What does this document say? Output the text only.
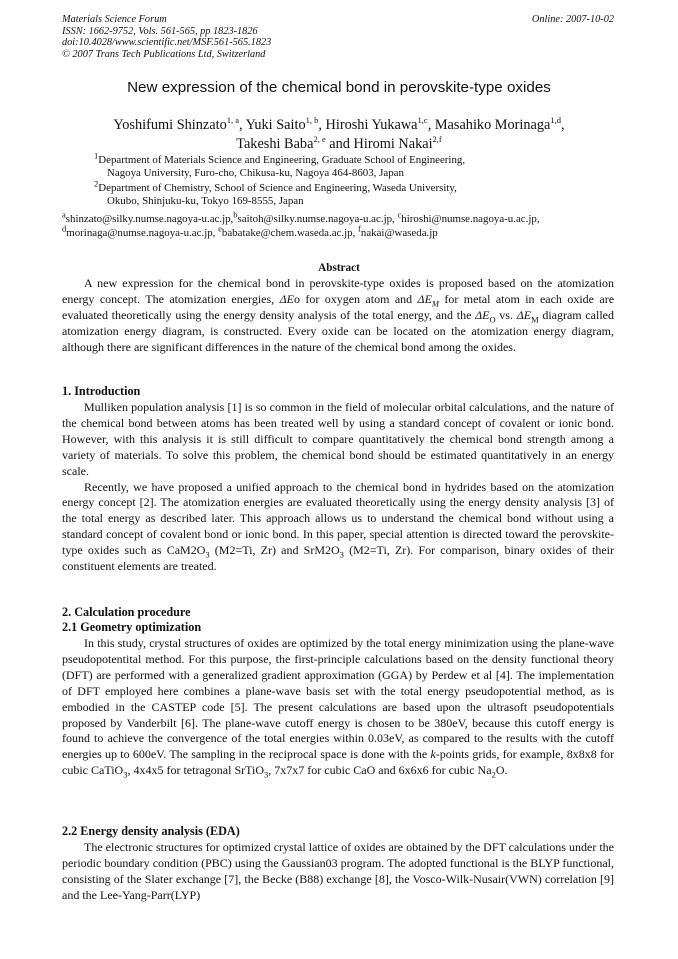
Materials Science Forum
ISSN: 1662-9752, Vols. 561-565, pp 1823-1826
doi:10.4028/www.scientific.net/MSF.561-565.1823
© 2007 Trans Tech Publications Ltd, Switzerland
Online: 2007-10-02
New expression of the chemical bond in perovskite-type oxides
Yoshifumi Shinzato$^{1, a}$, Yuki Saito$^{1, b}$, Hiroshi Yukawa$^{1,c}$, Masahiko Morinaga$^{1,d}$,
Takeshi Baba$^{2, e}$ and Hiromi Nakai$^{2,f}$
$^1$Department of Materials Science and Engineering, Graduate School of Engineering,
Nagoya University, Furo-cho, Chikusa-ku, Nagoya 464-8603, Japan
$^2$Department of Chemistry, School of Science and Engineering, Waseda University,
Okubo, Shinjuku-ku, Tokyo 169-8555, Japan
$^a$shinzato@silky.numse.nagoya-u.ac.jp,$^b$saitoh@silky.numse.nagoya-u.ac.jp, $^c$hiroshi@numse.nagoya-u.ac.jp,
$^d$morinaga@numse.nagoya-u.ac.jp, $^e$babatake@chem.waseda.ac.jp, $^f$nakai@waseda.jp
Abstract

A new expression for the chemical bond in perovskite-type oxides is proposed based on the atomization energy concept. The atomization energies, ΔEo for oxygen atom and $\Delta E_M$ for metal atom in each oxide are evaluated theoretically using the energy density analysis of the total energy, and the $\Delta E_O$ vs. $\Delta E_M$ diagram called atomization energy diagram, is constructed. Every oxide can be located on the atomization energy diagram, although there are significant differences in the nature of the chemical bond among the oxides.

1. Introduction

Mulliken population analysis [1] is so common in the field of molecular orbital calculations, and the nature of the chemical bond between atoms has been treated well by using a standard concept of covalent or ionic bond. However, with this analysis it is still difficult to compare quantitatively the chemical bond strength among a variety of materials. To solve this problem, the chemical bond should be estimated quantitatively in an energy scale.

Recently, we have proposed a unified approach to the chemical bond in hydrides based on the atomization energy concept [2]. The atomization energies are evaluated theoretically using the energy density analysis [3] of the total energy as described later. This approach allows us to understand the chemical bond without using a standard concept of covalent bond or ionic bond. In this paper, special attention is directed toward the perovskite-type oxides such as $CaM2O_3$ (M2=Ti, Zr) and $SrM2O_3$ (M2=Ti, Zr). For comparison, binary oxides of their constituent elements are treated.

2. Calculation procedure
2.1 Geometry optimization

In this study, crystal structures of oxides are optimized by the total energy minimization using the plane-wave pseudopotentital method. For this purpose, the first-principle calculations based on the density functional theory (DFT) are performed with a generalized gradient approximation (GGA) by Perdew et al [4]. The implementation of DFT employed here combines a plane-wave basis set with the total energy pseudopotential method, as is embodied in the CASTEP code [5]. The present calculations are based upon the ultrasoft pseudopotentials proposed by Vanderbilt [6]. The plane-wave cutoff energy is chosen to be 380eV, because this cutoff energy is found to achieve the convergence of the total energies within 0.03eV, as compared to the results with the cutoff energies up to 600eV. The sampling in the reciprocal space is done with the k-points grids, for example, 8x8x8 for cubic CaTiO$_3$, 4x4x5 for tetragonal SrTiO$_3$, 7x7x7 for cubic CaO and 6x6x6 for cubic $Na_2O$.

2.2 Energy density analysis (EDA)

The electronic structures for optimized crystal lattice of oxides are obtained by the DFT calculations under the periodic boundary condition (PBC) using the Gaussian03 program. The adopted functional is the BLYP functional, consisting of the Slater exchange [7], the Becke (B88) exchange [8], the Vosco-Wilk-Nusair(VWN) correlation [9] and the Lee-Yang-Parr(LYP)
